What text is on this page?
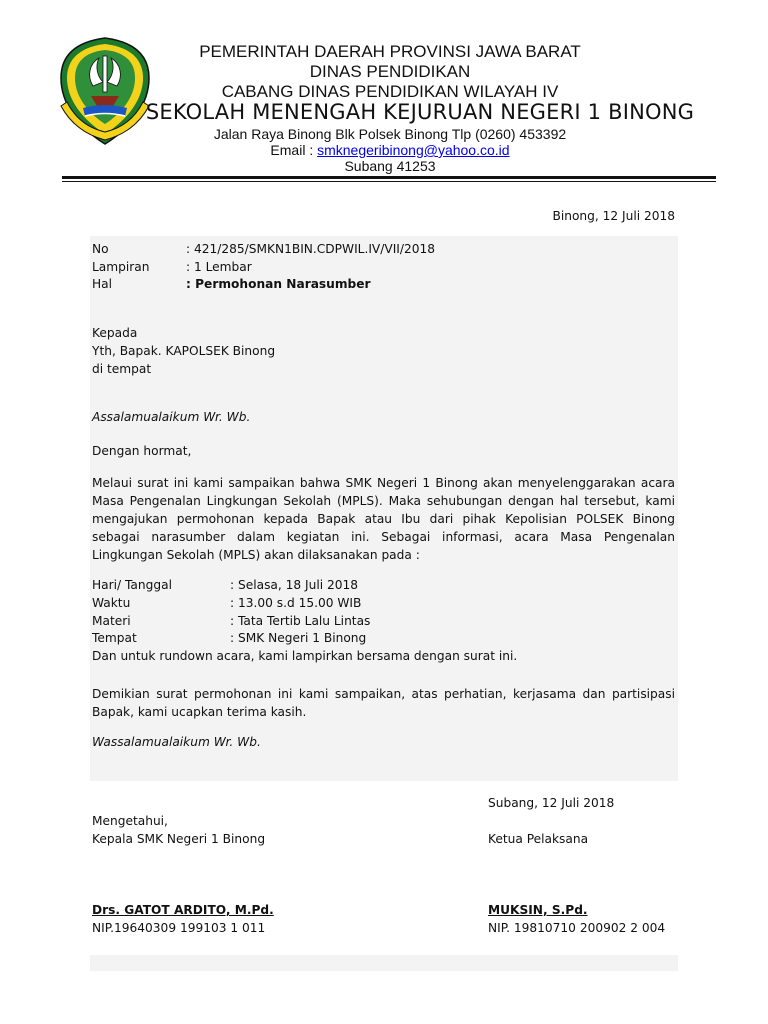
PEMERINTAH DAERAH PROVINSI JAWA BARAT
DINAS PENDIDIKAN
CABANG DINAS PENDIDIKAN WILAYAH IV
SEKOLAH MENENGAH KEJURUAN NEGERI 1 BINONG
Jalan Raya Binong Blk Polsek Binong Tlp (0260) 453392
Email : smknegeribinong@yahoo.co.id
Subang 41253
Binong, 12 Juli 2018
No	: 421/285/SMKN1BIN.CDPWIL.IV/VII/2018
Lampiran	: 1 Lembar
Hal	: Permohonan Narasumber
Kepada
Yth, Bapak. KAPOLSEK Binong
di tempat
Assalamualaikum Wr. Wb.
Dengan hormat,
Melaui surat ini kami sampaikan bahwa SMK Negeri 1 Binong akan menyelenggarakan acara
Masa Pengenalan Lingkungan Sekolah (MPLS). Maka sehubungan dengan hal tersebut, kami
mengajukan permohonan kepada Bapak atau Ibu dari pihak Kepolisian POLSEK Binong
sebagai narasumber dalam kegiatan ini. Sebagai informasi, acara Masa Pengenalan
Lingkungan Sekolah (MPLS) akan dilaksanakan pada :
Hari/ Tanggal	: Selasa, 18 Juli 2018
Waktu	: 13.00 s.d 15.00 WIB
Materi	: Tata Tertib Lalu Lintas
Tempat	: SMK Negeri 1 Binong
Dan untuk rundown acara, kami lampirkan bersama dengan surat ini.
Demikian surat permohonan ini kami sampaikan, atas perhatian, kerjasama dan partisipasi
Bapak, kami ucapkan terima kasih.
Wassalamualaikum Wr. Wb.
Subang, 12 Juli 2018
Mengetahui,
Kepala SMK Negeri 1 Binong	Ketua Pelaksana
Drs. GATOT ARDITO, M.Pd.
NIP.19640309 199103 1 011
MUKSIN, S.Pd.
NIP. 19810710 200902 2 004
